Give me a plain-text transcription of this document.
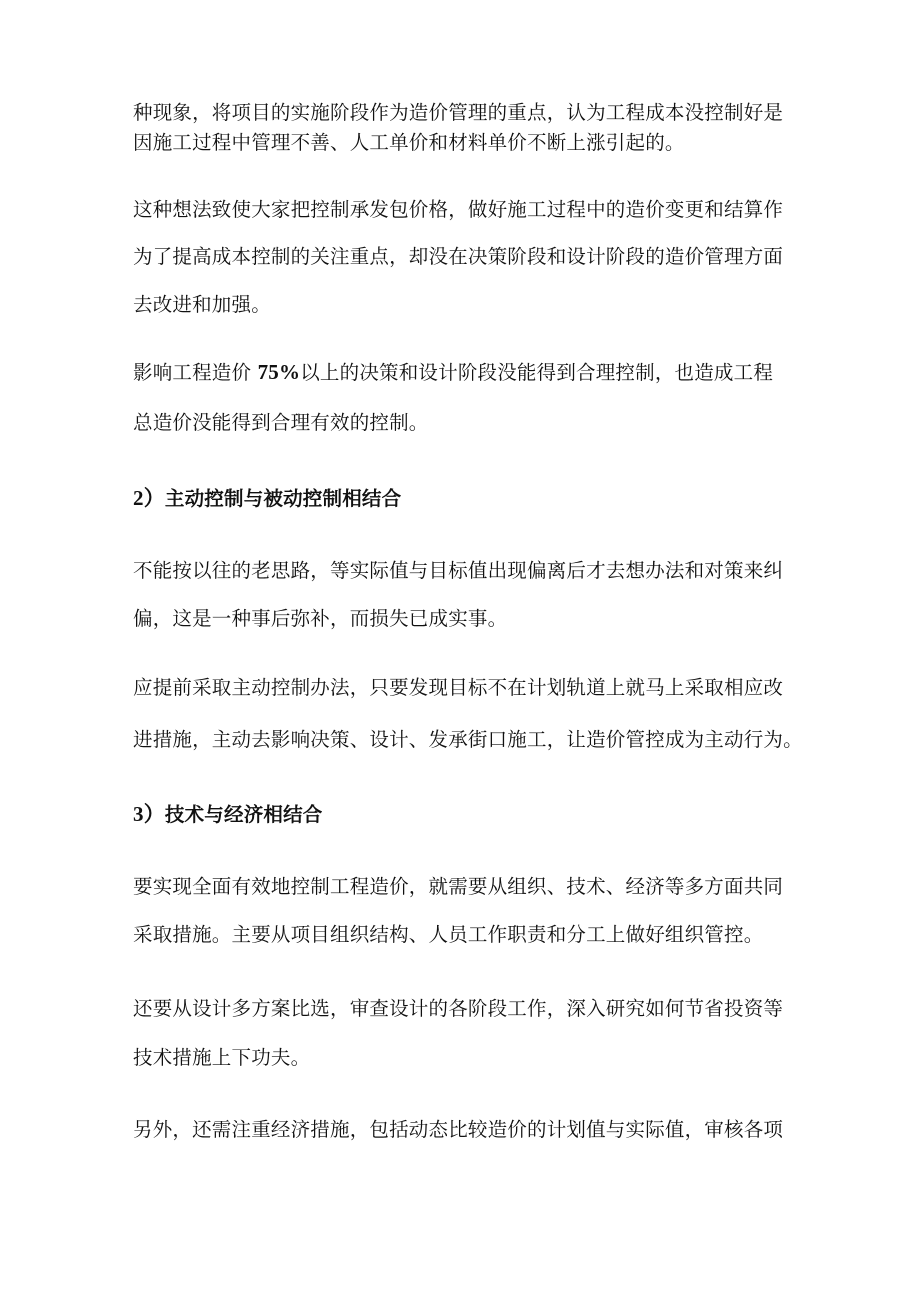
种现象，将项目的实施阶段作为造价管理的重点，认为工程成本没控制好是
因施工过程中管理不善、人工单价和材料单价不断上涨引起的。
这种想法致使大家把控制承发包价格，做好施工过程中的造价变更和结算作
为了提高成本控制的关注重点，却没在决策阶段和设计阶段的造价管理方面
去改进和加强。
影响工程造价 75%以上的决策和设计阶段没能得到合理控制，也造成工程
总造价没能得到合理有效的控制。
2）主动控制与被动控制相结合
不能按以往的老思路，等实际值与目标值出现偏离后才去想办法和对策来纠
偏，这是一种事后弥补，而损失已成实事。
应提前采取主动控制办法，只要发现目标不在计划轨道上就马上采取相应改
进措施，主动去影响决策、设计、发承街口施工，让造价管控成为主动行为。
3）技术与经济相结合
要实现全面有效地控制工程造价，就需要从组织、技术、经济等多方面共同
采取措施。主要从项目组织结构、人员工作职责和分工上做好组织管控。
还要从设计多方案比选，审查设计的各阶段工作，深入研究如何节省投资等
技术措施上下功夫。
另外，还需注重经济措施，包括动态比较造价的计划值与实际值，审核各项
